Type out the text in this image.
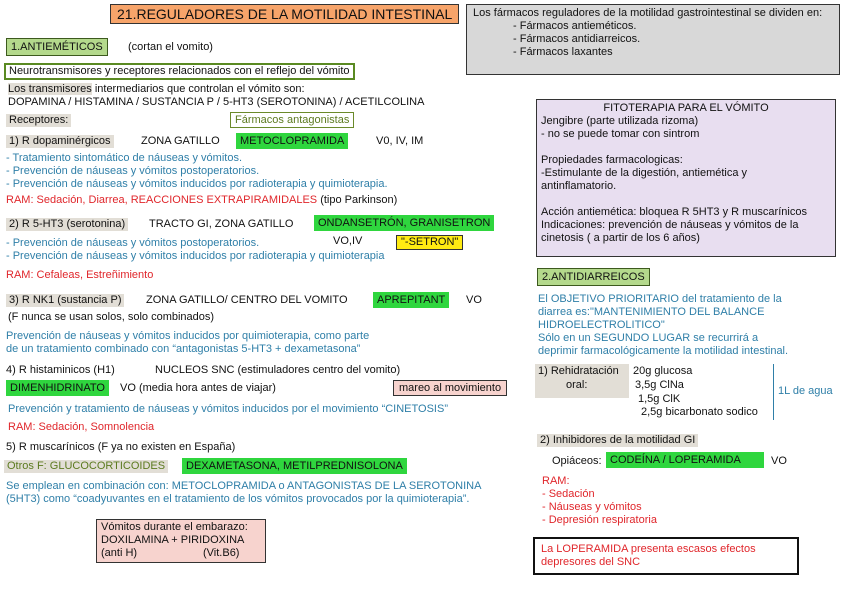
21.REGULADORES DE LA MOTILIDAD INTESTINAL	Los fármacos reguladores de la motilidad gastrointestinal se dividen en:
- Fármacos antieméticos.
- Fármacos antidiarreicos.
- Fármacos laxantes
1.ANTIEMÉTICOS	(cortan el vomito)
Neurotransmisores y receptores relacionados con el reflejo del vómito
Los transmisores intermediarios que controlan el vómito son:
DOPAMINA / HISTAMINA / SUSTANCIA P / 5-HT3 (SEROTONINA) / ACETILCOLINA
Receptores:	Fármacos antagonistas
1) R dopaminérgicos	ZONA GATILLO	METOCLOPRAMIDA	V0, IV, IM
- Tratamiento sintomático de náuseas y vómitos.
- Prevención de náuseas y vómitos postoperatorios.
- Prevención de náuseas y vómitos inducidos por radioterapia y quimioterapia.
RAM: Sedación, Diarrea, REACCIONES EXTRAPIRAMIDALES (tipo Parkinson)
2) R 5-HT3 (serotonina) TRACTO GI, ZONA GATILLO	ONDANSETRÓN, GRANISETRON
- Prevención de náuseas y vómitos postoperatorios.	VO,IV	"-SETRON"
- Prevención de náuseas y vómitos inducidos por radioterapia y quimioterapia
RAM: Cefaleas, Estreñimiento
3) R NK1 (sustancia P) ZONA GATILLO/ CENTRO DEL VOMITO	APREPITANT	VO
(F nunca se usan solos, solo combinados)
Prevención de náuseas y vómitos inducidos por quimioterapia, como parte
de un tratamiento combinado con “antagonistas 5-HT3 + dexametasona”
4) R histaminicos (H1)	NUCLEOS SNC (estimuladores centro del vomito)
DIMENHIDRINATO	VO (media hora antes de viajar)	mareo al movimiento
Prevención y tratamiento de náuseas y vómitos inducidos por el movimiento “CINETOSIS”
RAM: Sedación, Somnolencia
5) R muscarínicos (F ya no existen en España)
Otros F: GLUCOCORTICOIDES	DEXAMETASONA, METILPREDNISOLONA
Se emplean en combinación con: METOCLOPRAMIDA o ANTAGONISTAS DE LA SEROTONINA
(5HT3) como “coadyuvantes en el tratamiento de los vómitos provocados por la quimioterapia”.
Vómitos durante el embarazo:
DOXILAMINA + PIRIDOXINA
(anti H)	(Vit.B6)
FITOTERAPIA PARA EL VÓMITO
Jengibre (parte utilizada rizoma)
- no se puede tomar con sintrom
Propiedades farmacologicas:
-Estimulante de la digestión, antiemética y
antinflamatorio.
Acción antiemética: bloquea R 5HT3 y R muscarínicos
Indicaciones: prevención de náuseas y vómitos de la
cinetosis ( a partir de los 6 años)
2.ANTIDIARREICOS
El OBJETIVO PRIORITARIO del tratamiento de la
diarrea es:"MANTENIMIENTO DEL BALANCE
HIDROELECTROLITICO"
Sólo en un SEGUNDO LUGAR se recurrirá a
deprimir farmacológicamente la motilidad intestinal.
1) Rehidratación
oral:
20g glucosa
3,5g ClNa
1,5g ClK
2,5g bicarbonato sodico
1L de agua
2) Inhibidores de la motilidad GI
Opiáceos: CODEÍNA / LOPERAMIDA	VO
RAM:
- Sedación
- Náuseas y vómitos
- Depresión respiratoria
La LOPERAMIDA presenta escasos efectos
depresores del SNC
